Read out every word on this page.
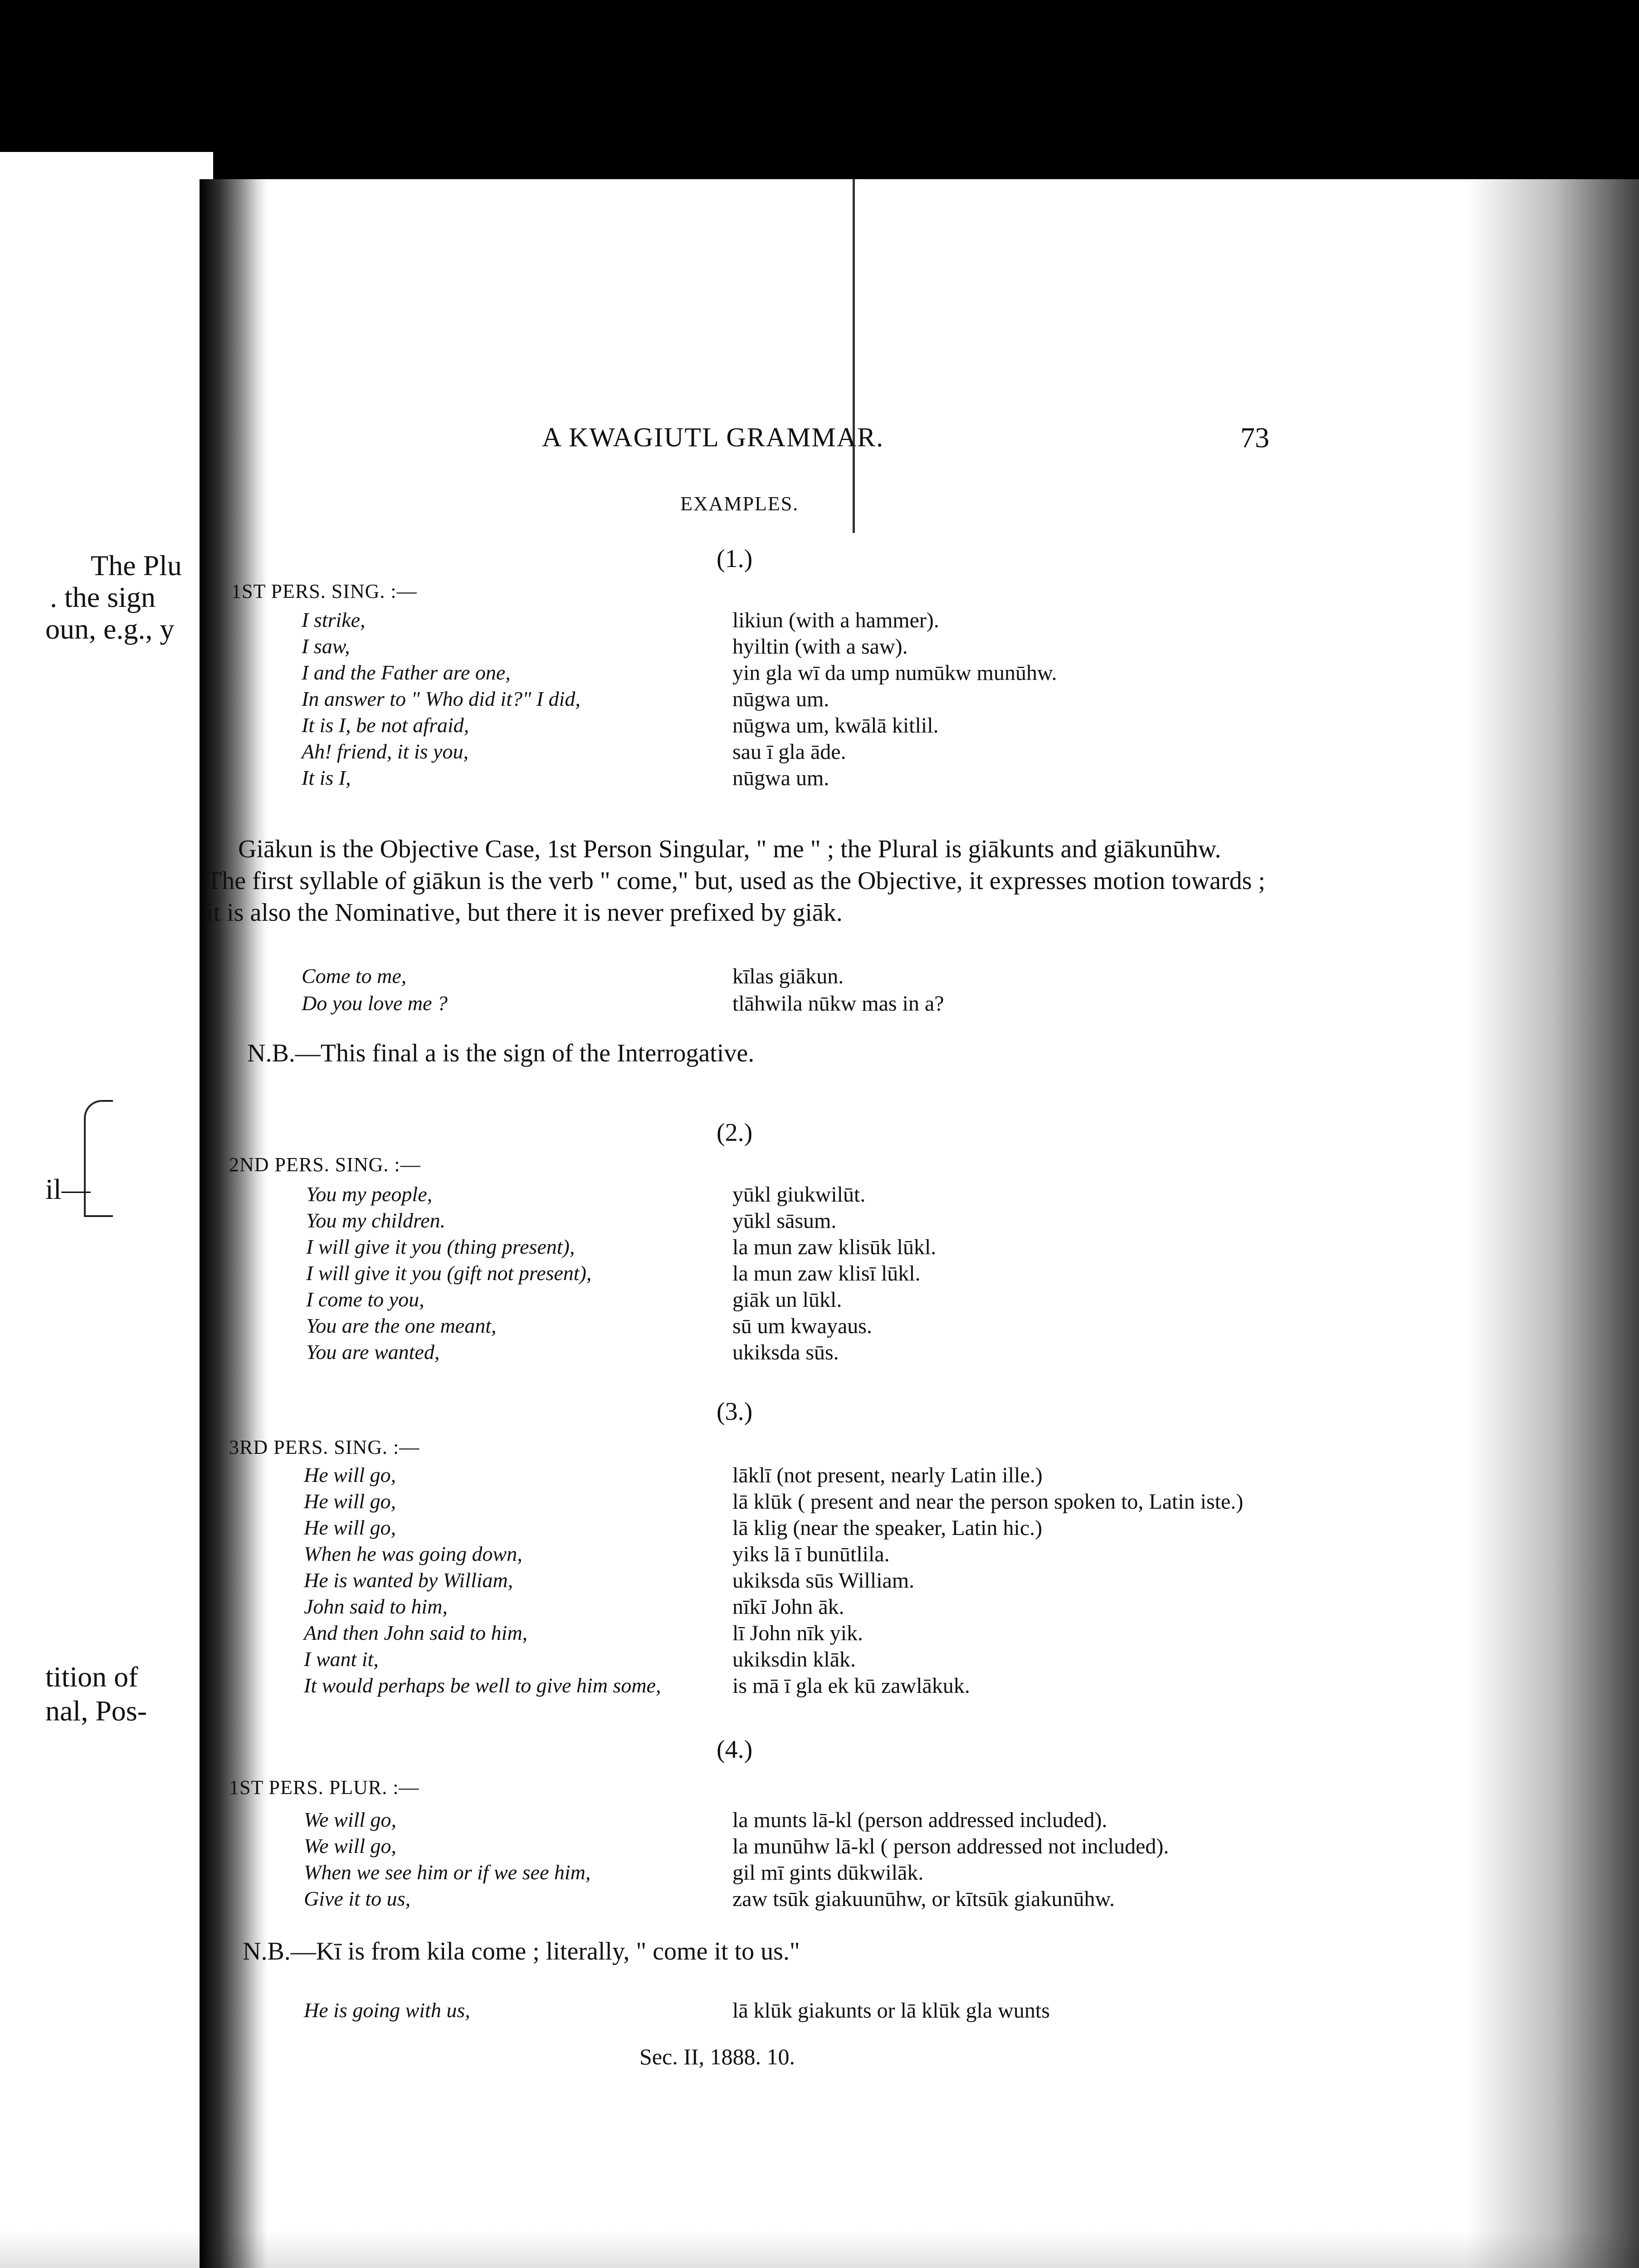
The Plu
. the sign
oun, e.g., y
il—
tition of
nal, Pos-
A KWAGIUTL GRAMMAR.	73
EXAMPLES.
(1.)
1ST PERS. SING. :—
I strike,	likiun (with a hammer).
I saw,	hyiltin (with a saw).
I and the Father are one,	yin gla wī da ump numūkw munūhw.
In answer to " Who did it?" I did,	nūgwa um.
It is I, be not afraid,	nūgwa um, kwālā kitlil.
Ah! friend, it is you,	sau ī gla āde.
It is I,	nūgwa um.
Giākun is the Objective Case, 1st Person Singular, " me " ; the Plural is giākunts and giākunūhw.
The first syllable of giākun is the verb " come," but, used as the Objective, it expresses motion towards ;
it is also the Nominative, but there it is never prefixed by giāk.
Come to me,	kīlas giākun.
Do you love me ?	tlāhwila nūkw mas in a?
N.B.—This final a is the sign of the Interrogative.
(2.)
2ND PERS. SING. :—
You my people,	yūkl giukwilūt.
You my children.	yūkl sāsum.
I will give it you (thing present),	la mun zaw klisūk lūkl.
I will give it you (gift not present),	la mun zaw klisī lūkl.
I come to you,	giāk un lūkl.
You are the one meant,	sū um kwayaus.
You are wanted,	ukiksda sūs.
(3.)
3RD PERS. SING. :—
He will go,	lāklī (not present, nearly Latin ille.)
He will go,	lā klūk ( present and near the person spoken to, Latin iste.)
He will go,	lā klig (near the speaker, Latin hic.)
When he was going down,	yiks lā ī bunūtlila.
He is wanted by William,	ukiksda sūs William.
John said to him,	nīkī John āk.
And then John said to him,	lī John nīk yik.
I want it,	ukiksdin klāk.
It would perhaps be well to give him some,	is mā ī gla ek kū zawlākuk.
(4.)
1ST PERS. PLUR. :—
We will go,	la munts lā-kl (person addressed included).
We will go,	la munūhw lā-kl ( person addressed not included).
When we see him or if we see him,	gil mī gints dūkwilāk.
Give it to us,	zaw tsūk giakuunūhw, or kītsūk giakunūhw.
N.B.—Kī is from kila come ; literally, " come it to us."
He is going with us,	lā klūk giakunts or lā klūk gla wunts
Sec. II, 1888. 10.
